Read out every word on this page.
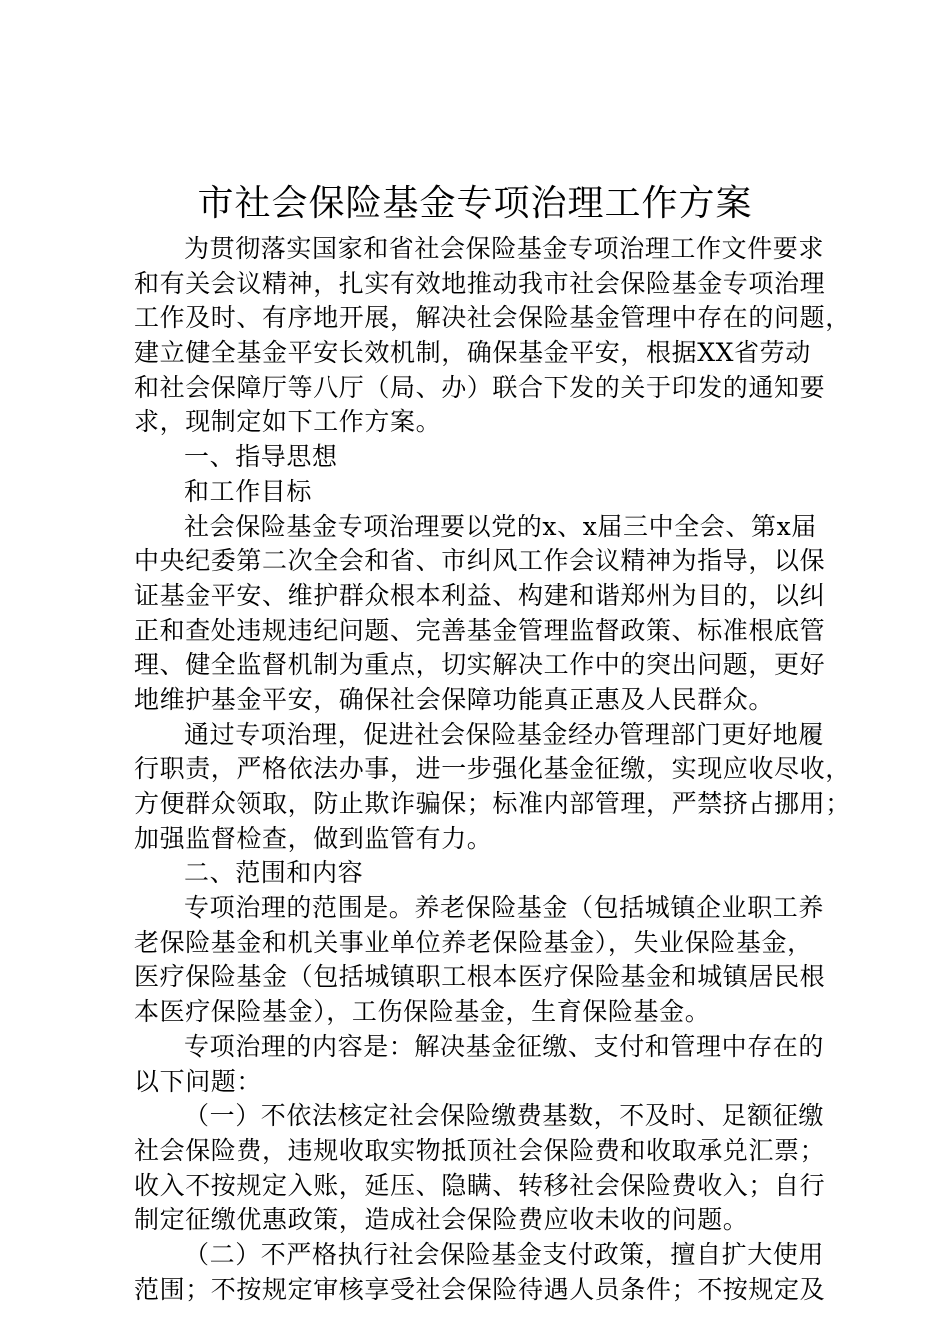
市社会保险基金专项治理工作方案
为贯彻落实国家和省社会保险基金专项治理工作文件要求
和有关会议精神，扎实有效地推动我市社会保险基金专项治理
工作及时、有序地开展，解决社会保险基金管理中存在的问题，
建立健全基金平安长效机制，确保基金平安，根据XX省劳动
和社会保障厅等八厅（局、办）联合下发的关于印发的通知要
求，现制定如下工作方案。
一、指导思想
和工作目标
社会保险基金专项治理要以党的x、x届三中全会、第x届
中央纪委第二次全会和省、市纠风工作会议精神为指导，以保
证基金平安、维护群众根本利益、构建和谐郑州为目的，以纠
正和查处违规违纪问题、完善基金管理监督政策、标准根底管
理、健全监督机制为重点，切实解决工作中的突出问题，更好
地维护基金平安，确保社会保障功能真正惠及人民群众。
通过专项治理，促进社会保险基金经办管理部门更好地履
行职责，严格依法办事，进一步强化基金征缴，实现应收尽收，
方便群众领取，防止欺诈骗保；标准内部管理，严禁挤占挪用；
加强监督检查，做到监管有力。
二、范围和内容
专项治理的范围是。养老保险基金（包括城镇企业职工养
老保险基金和机关事业单位养老保险基金），失业保险基金，
医疗保险基金（包括城镇职工根本医疗保险基金和城镇居民根
本医疗保险基金），工伤保险基金，生育保险基金。
专项治理的内容是：解决基金征缴、支付和管理中存在的
以下问题：
（一）不依法核定社会保险缴费基数，不及时、足额征缴
社会保险费，违规收取实物抵顶社会保险费和收取承兑汇票；
收入不按规定入账，延压、隐瞒、转移社会保险费收入；自行
制定征缴优惠政策，造成社会保险费应收未收的问题。
（二）不严格执行社会保险基金支付政策，擅自扩大使用
范围；不按规定审核享受社会保险待遇人员条件；不按规定及
